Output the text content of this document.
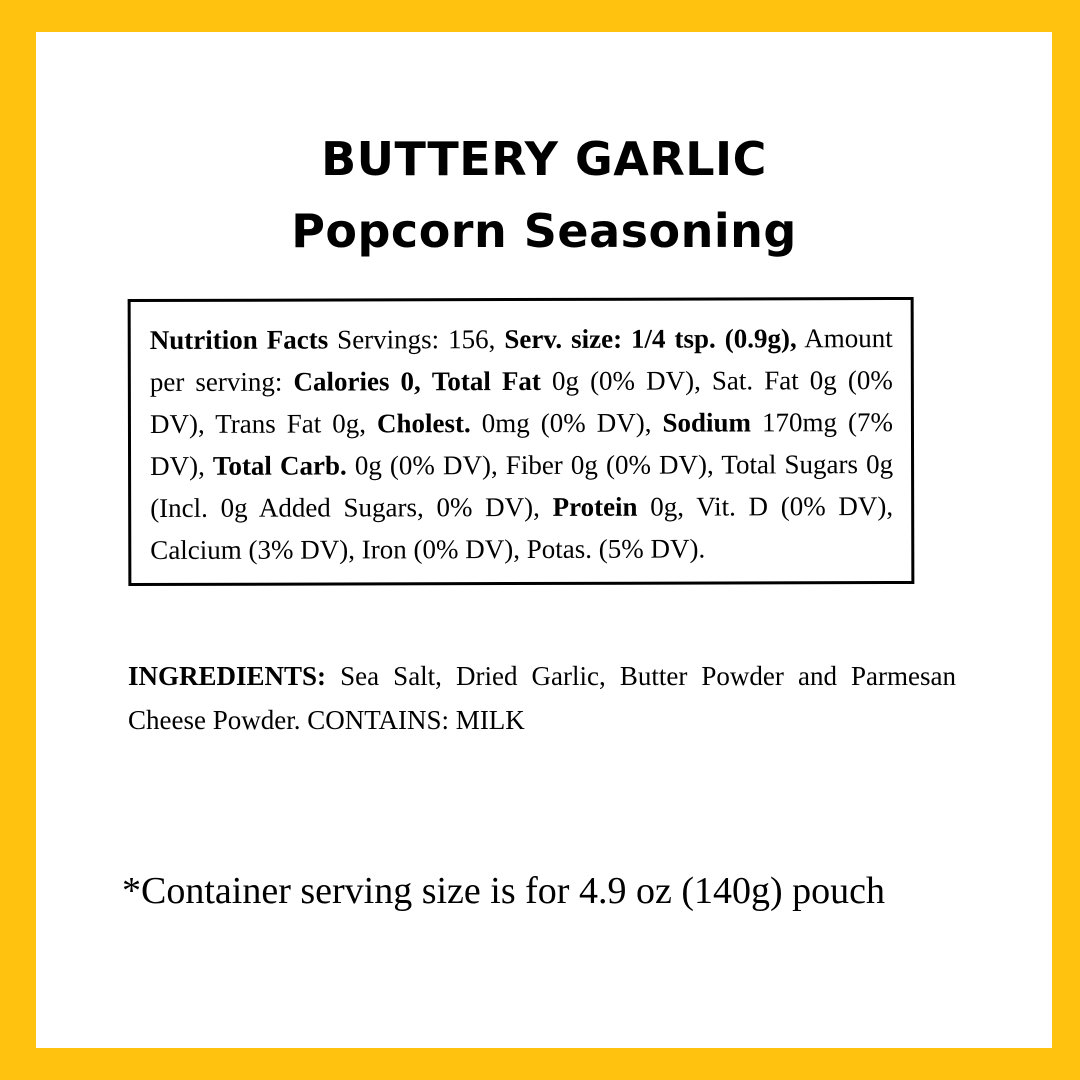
BUTTERY GARLIC
Popcorn Seasoning
Nutrition Facts Servings: 156, Serv. size: 1/4 tsp. (0.9g), Amount per serving: Calories 0, Total Fat 0g (0% DV), Sat. Fat 0g (0% DV), Trans Fat 0g, Cholest. 0mg (0% DV), Sodium 170mg (7% DV), Total Carb. 0g (0% DV), Fiber 0g (0% DV), Total Sugars 0g (Incl. 0g Added Sugars, 0% DV), Protein 0g, Vit. D (0% DV), Calcium (3% DV), Iron (0% DV), Potas. (5% DV).
INGREDIENTS: Sea Salt, Dried Garlic, Butter Powder and Parmesan Cheese Powder. CONTAINS: MILK
*Container serving size is for 4.9 oz (140g) pouch
